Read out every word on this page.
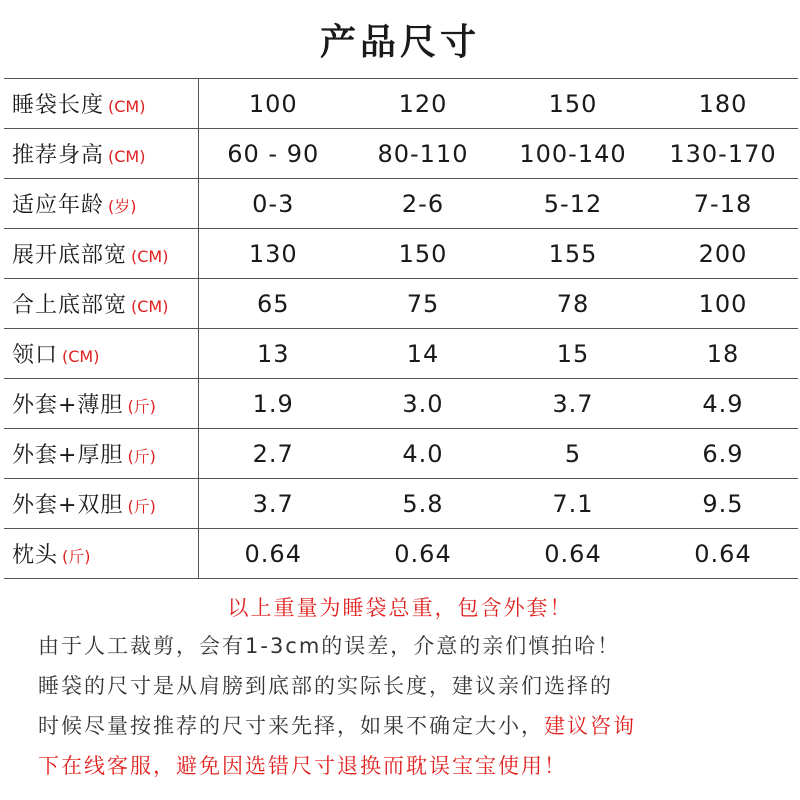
产品尺寸
睡袋长度 (CM)	100	120	150	180
推荐身高 (CM)	60 - 90	80-110	100-140	130-170
适应年龄 (岁)	0-3	2-6	5-12	7-18
展开底部宽 (CM)	130	150	155	200
合上底部宽 (CM)	65	75	78	100
领口 (CM)	13	14	15	18
外套+薄胆 (斤)	1.9	3.0	3.7	4.9
外套+厚胆 (斤)	2.7	4.0	5	6.9
外套+双胆 (斤)	3.7	5.8	7.1	9.5
枕头 (斤)	0.64	0.64	0.64	0.64

以上重量为睡袋总重，包含外套！

由于人工裁剪，会有1-3cm的误差，介意的亲们慎拍哈！
睡袋的尺寸是从肩膀到底部的实际长度，建议亲们选择的
时候尽量按推荐的尺寸来先择，如果不确定大小，建议咨询
下在线客服，避免因选错尺寸退换而耽误宝宝使用！
